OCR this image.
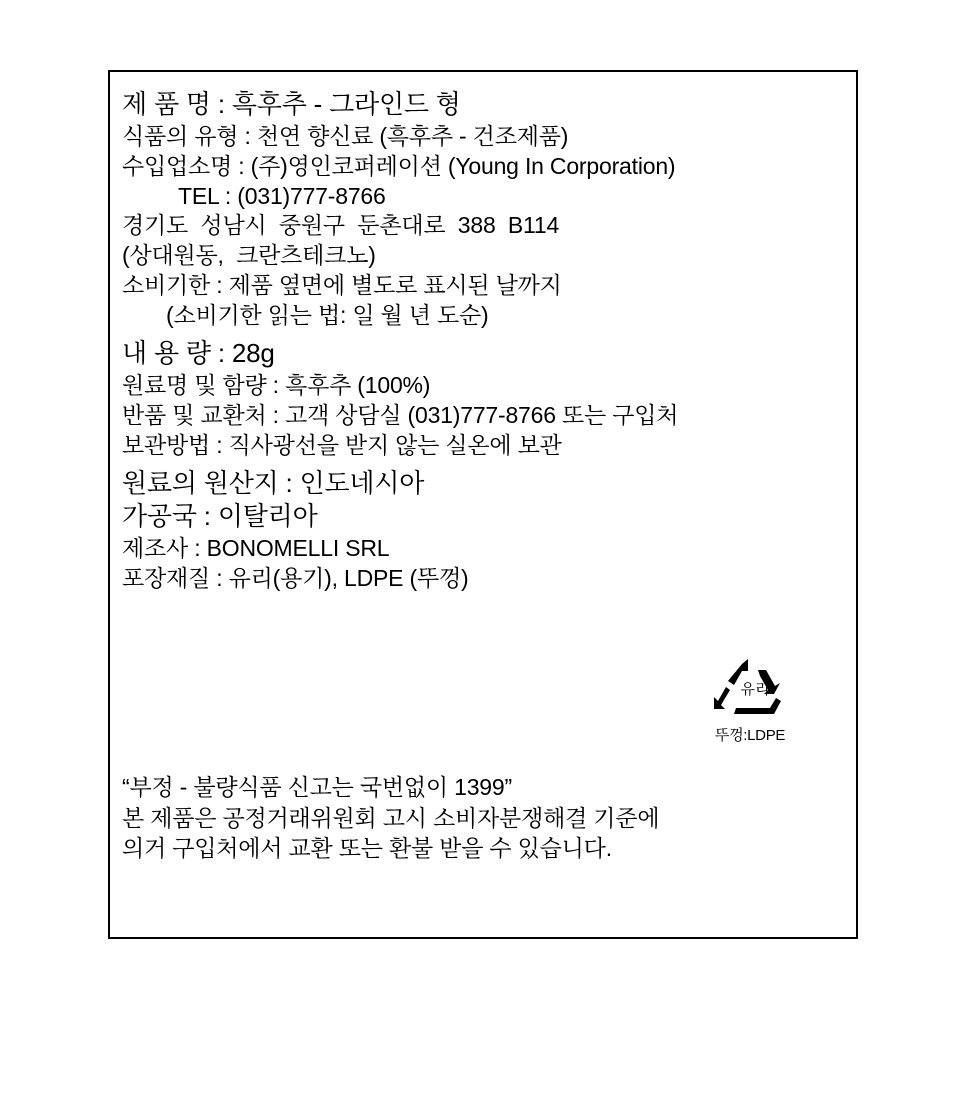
제 품 명 : 흑후추 - 그라인드 형
식품의 유형 : 천연 향신료 (흑후추 - 건조제품)
수입업소명 : (주)영인코퍼레이션 (Young In Corporation)
TEL : (031)777-8766
경기도  성남시  중원구  둔촌대로  388  B114
(상대원동,  크란츠테크노)
소비기한 : 제품 옆면에 별도로 표시된 날까지
(소비기한 읽는 법: 일 월 년 도순)
내 용 량 : 28g
원료명 및 함량 : 흑후추 (100%)
반품 및 교환처 : 고객 상담실 (031)777-8766 또는 구입처
보관방법 : 직사광선을 받지 않는 실온에 보관
원료의 원산지 : 인도네시아
가공국 : 이탈리아
제조사 : BONOMELLI SRL
포장재질 : 유리(용기), LDPE (뚜껑)
유리
뚜껑:LDPE
“부정 - 불량식품 신고는 국번없이 1399”
본 제품은 공정거래위원회 고시 소비자분쟁해결 기준에
의거 구입처에서 교환 또는 환불 받을 수 있습니다.
